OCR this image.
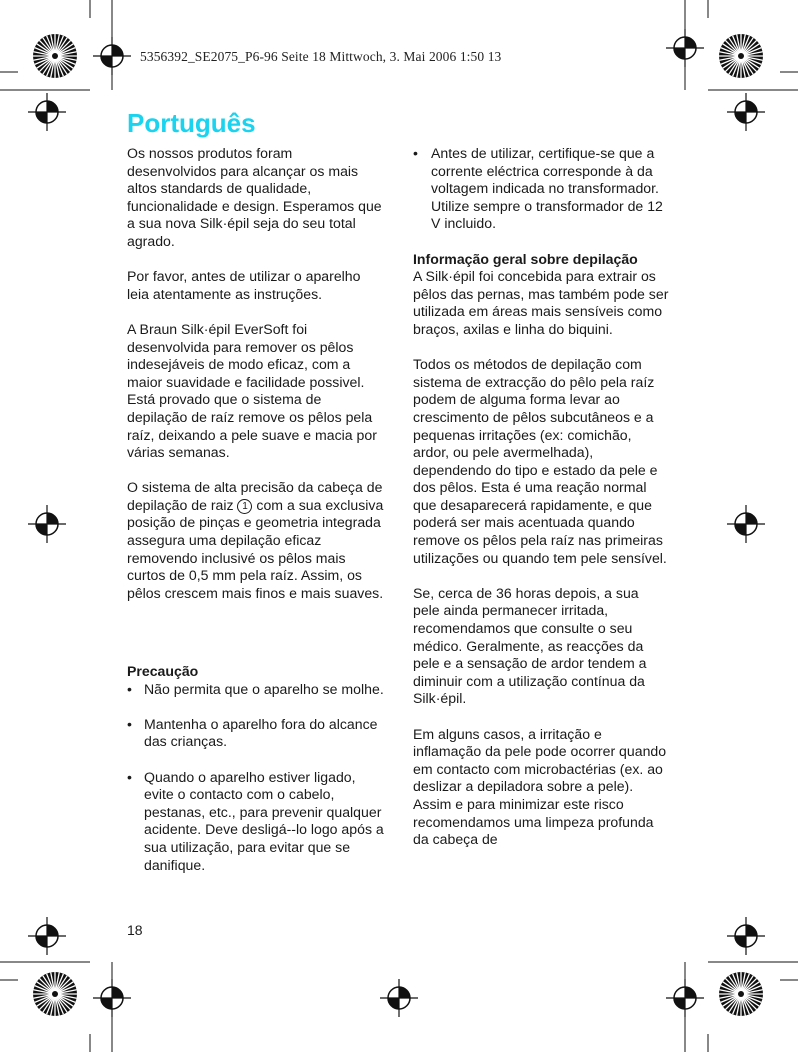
5356392_SE2075_P6-96 Seite 18 Mittwoch, 3. Mai 2006 1:50 13
Português

Os nossos produtos foram desenvolvidos para alcançar os mais altos standards de qualidade, funcionalidade e design. Esperamos que a sua nova Silk·épil seja do seu total agrado.

Por favor, antes de utilizar o aparelho leia atentamente as instruções.

A Braun Silk·épil EverSoft foi desenvolvida para remover os pêlos indesejáveis de modo eficaz, com a maior suavidade e facilidade possivel. Está provado que o sistema de depilação de raíz remove os pêlos pela raíz, deixando a pele suave e macia por várias semanas.

O sistema de alta precisão da cabeça de depilação de raiz 1 com a sua exclusiva posição de pinças e geometria integrada assegura uma depilação eficaz removendo inclusivé os pêlos mais curtos de 0,5 mm pela raíz. Assim, os pêlos crescem mais finos e mais suaves.

Precaução
• Não permita que o aparelho se molhe.
• Mantenha o aparelho fora do alcance das crianças.
• Quando o aparelho estiver ligado, evite o contacto com o cabelo, pestanas, etc., para prevenir qualquer acidente. Deve desligá--lo logo após a sua utilização, para evitar que se danifique.
• Antes de utilizar, certifique-se que a corrente eléctrica corresponde à da voltagem indicada no transformador. Utilize sempre o transformador de 12 V incluido.
Informação geral sobre depilação

A Silk·épil foi concebida para extrair os pêlos das pernas, mas também pode ser utilizada em áreas mais sensíveis como braços, axilas e linha do biquini.

Todos os métodos de depilação com sistema de extracção do pêlo pela raíz podem de alguma forma levar ao crescimento de pêlos subcutâneos e a pequenas irritações (ex: comichão, ardor, ou pele avermelhada), dependendo do tipo e estado da pele e dos pêlos. Esta é uma reação normal que desaparecerá rapidamente, e que poderá ser mais acentuada quando remove os pêlos pela raíz nas primeiras utilizações ou quando tem pele sensível.

Se, cerca de 36 horas depois, a sua pele ainda permanecer irritada, recomendamos que consulte o seu médico. Geralmente, as reacções da pele e a sensação de ardor tendem a diminuir com a utilização contínua da Silk·épil.

Em alguns casos, a irritação e inflamação da pele pode ocorrer quando em contacto com microbactérias (ex. ao deslizar a depiladora sobre a pele). Assim e para minimizar este risco recomendamos uma limpeza profunda da cabeça de

18
